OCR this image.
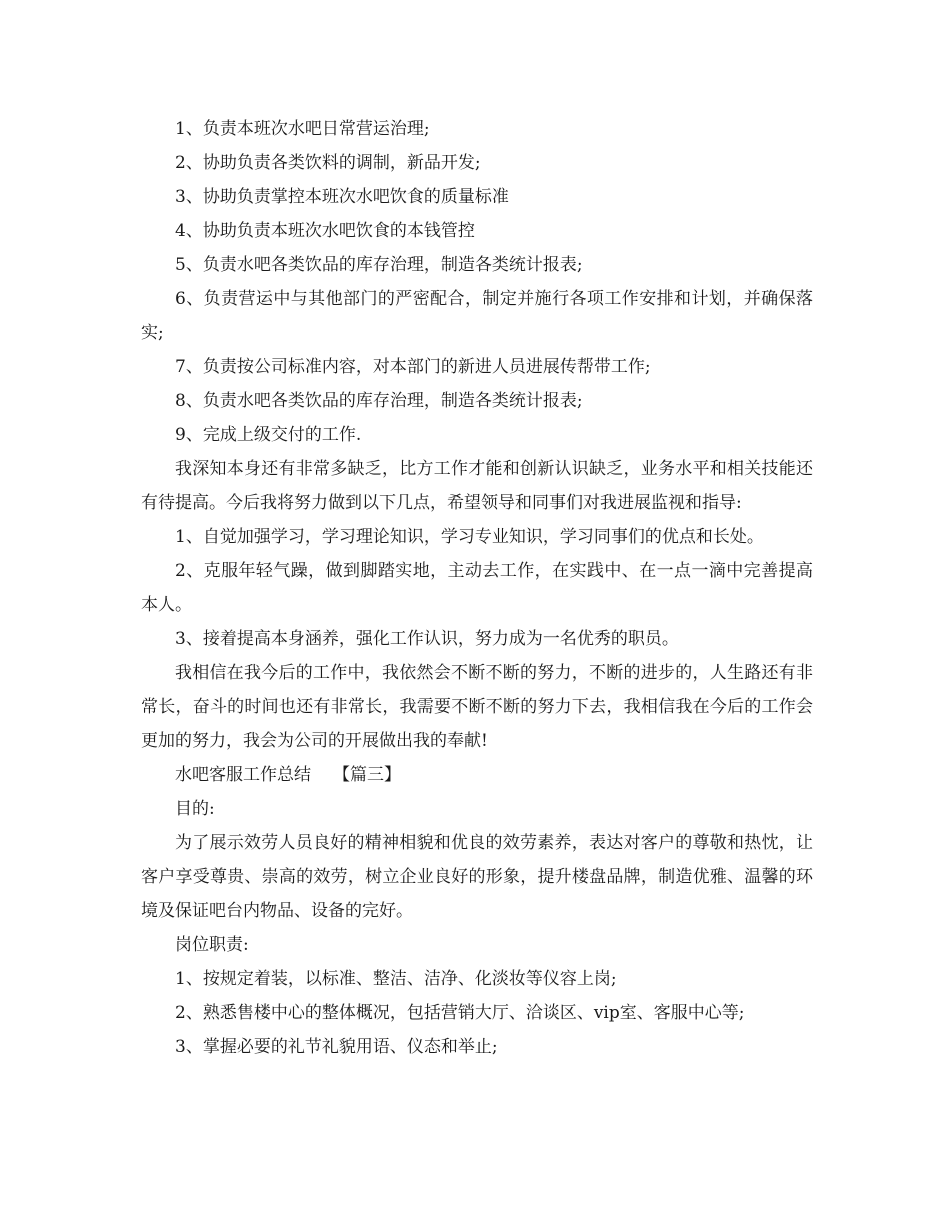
1、负责本班次水吧日常营运治理;

2、协助负责各类饮料的调制，新品开发;

3、协助负责掌控本班次水吧饮食的质量标准

4、协助负责本班次水吧饮食的本钱管控

5、负责水吧各类饮品的库存治理，制造各类统计报表;

6、负责营运中与其他部门的严密配合，制定并施行各项工作安排和计划，并确保落实;

7、负责按公司标准内容，对本部门的新进人员进展传帮带工作;

8、负责水吧各类饮品的库存治理，制造各类统计报表;

9、完成上级交付的工作.

我深知本身还有非常多缺乏，比方工作才能和创新认识缺乏，业务水平和相关技能还有待提高。今后我将努力做到以下几点，希望领导和同事们对我进展监视和指导:

1、自觉加强学习，学习理论知识，学习专业知识，学习同事们的优点和长处。

2、克服年轻气躁，做到脚踏实地，主动去工作，在实践中、在一点一滴中完善提高本人。

3、接着提高本身涵养，强化工作认识，努力成为一名优秀的职员。

我相信在我今后的工作中，我依然会不断不断的努力，不断的进步的，人生路还有非常长，奋斗的时间也还有非常长，我需要不断不断的努力下去，我相信我在今后的工作会更加的努力，我会为公司的开展做出我的奉献!

水吧客服工作总结 【篇三】

目的:

为了展示效劳人员良好的精神相貌和优良的效劳素养，表达对客户的尊敬和热忱，让客户享受尊贵、崇高的效劳，树立企业良好的形象，提升楼盘品牌，制造优雅、温馨的环境及保证吧台内物品、设备的完好。

岗位职责:

1、按规定着装，以标准、整洁、洁净、化淡妆等仪容上岗;

2、熟悉售楼中心的整体概况，包括营销大厅、洽谈区、vip室、客服中心等;

3、掌握必要的礼节礼貌用语、仪态和举止;
